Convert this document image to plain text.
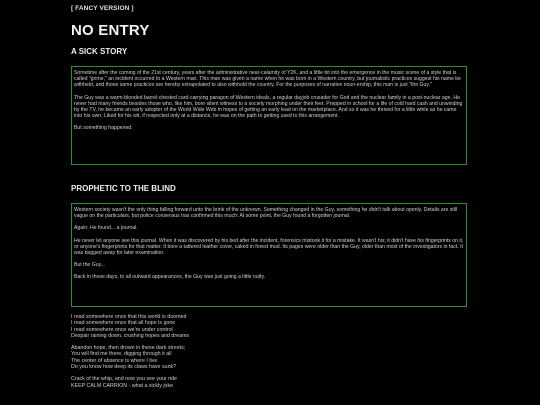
[ FANCY VERSION ]
NO ENTRY
A SICK STORY

Sometime after the coming of the 21st century, years after the administrative near-calamity of Y2K, and a little bit into the emergence in the music scene of a style that is called "grime," an incident occurred to a Western man. This man was given a name when he was born in a Western country, but journalistic practices suggest his name be withheld, and those same practices are hereby extrapolated to also withhold the country. For the purposes of narrative noun-ership, this man is just "the Guy."

The Guy was a warm-blooded barrel-chested card-carrying paragon of Western ideals, a regular dayjob crusader for God and the nuclear family in a post-nuclear age. He never had many friends besides those who, like him, bore silent witness to a society morphing under their feet. Prepped in school for a life of cold hard cash and unwinding by the TV, he became an early adopter of the World Wide Web in hopes of getting an early lead on the marketplace. And so it was he thrived for a little while as he came into his own. Liked for his wit, if respected only at a distance, he was on the path to getting used to this arrangement.

But something happened.

PROPHETIC TO THE BLIND

Western society wasn't the only thing falling forward unto the brink of the unknown. Something changed in the Guy, something he didn't talk about openly. Details are still vague on the particulars, but police consensus has confirmed this much: At some point, the Guy found a forgotten journal.

Again: He found... a journal.

He never let anyone see this journal. When it was discovered by his bed after the incident, forensics mistook it for a mistake. It wasn't his; it didn't have his fingerprints on it, or anyone's fingerprints for that matter. It bore a tattered leather cover, caked in forest mud. Its pages were older than the Guy, older than most of the investigators in fact. It was bagged away for later examination.

But the Guy...

Back in those days, to all outward appearances, the Guy was just going a little nutty.

I read somewhere once that this world is doomed
I read somewhere once that all hope is gone
I read somewhere once we're under control
Despair raining down, crushing hopes and dreams
Abandon hope, then drown in these dark streets;
You will find me there, digging through it all
The center of absence is where I live
Do you know how deep its claws have sunk?
Crack of the whip, and now you see your ride
KEEP CALM CARRION - what a sickly joke
